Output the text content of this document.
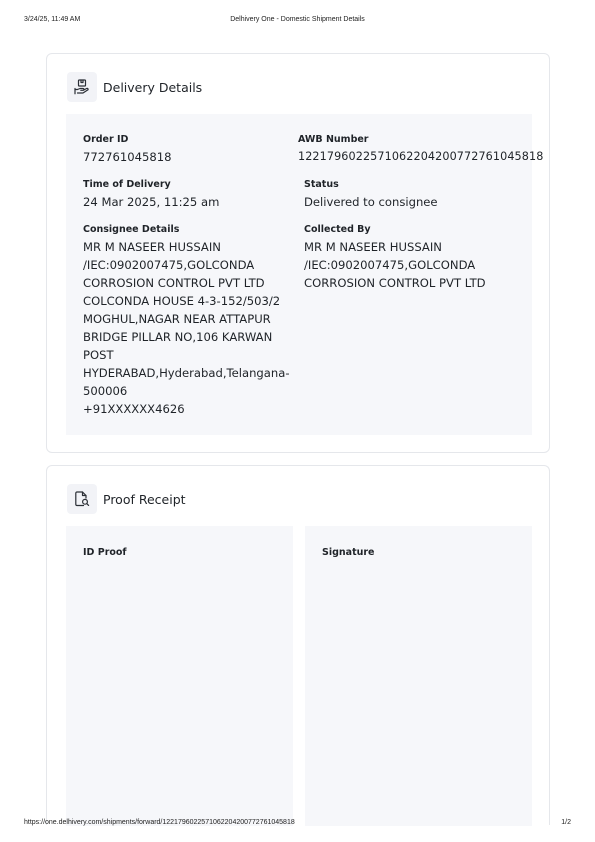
3/24/25, 11:49 AM	Delhivery One - Domestic Shipment Details
Delivery Details
Order ID
772761045818
AWB Number
1221796022571062204200772761045818
Time of Delivery
24 Mar 2025, 11:25 am
Status
Delivered to consignee
Consignee Details
MR M NASEER HUSSAIN
/IEC:0902007475,GOLCONDA
CORROSION CONTROL PVT LTD
COLCONDA HOUSE 4-3-152/503/2
MOGHUL,NAGAR NEAR ATTAPUR
BRIDGE PILLAR NO,106 KARWAN
POST
HYDERABAD,Hyderabad,Telangana-
500006
+91XXXXXX4626
Collected By
MR M NASEER HUSSAIN
/IEC:0902007475,GOLCONDA
CORROSION CONTROL PVT LTD
Proof Receipt
ID Proof	Signature
https://one.delhivery.com/shipments/forward/122179602257106220420077276104581​8	1/2
